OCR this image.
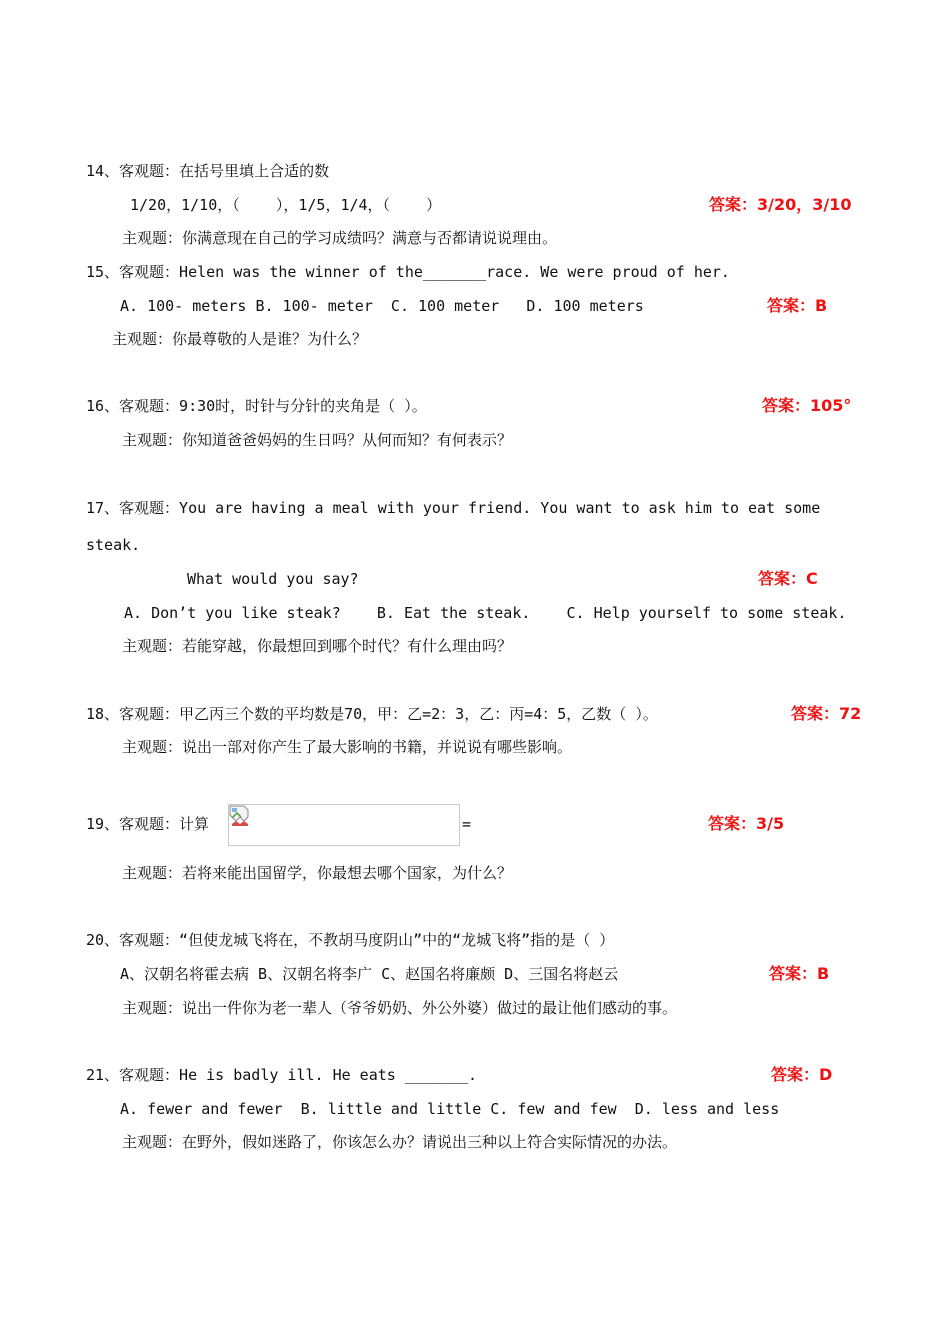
14、客观题：在括号里填上合适的数
1/20，1/10，（    ），1/5，1/4，（    ）	答案：3/20，3/10
主观题：你满意现在自己的学习成绩吗？满意与否都请说说理由。
15、客观题：Helen was the winner of the_______race. We were proud of her.
A. 100- meters B. 100- meter  C. 100 meter   D. 100 meters	答案：B
主观题：你最尊敬的人是谁？为什么？
16、客观题：9:30时，时针与分针的夹角是（ ）。	答案：105°
主观题：你知道爸爸妈妈的生日吗？从何而知？有何表示？
17、客观题：You are having a meal with your friend. You want to ask him to eat some
steak.
What would you say?	答案：C
A. Don’t you like steak?    B. Eat the steak.    C. Help yourself to some steak.
主观题：若能穿越，你最想回到哪个时代？有什么理由吗？
18、客观题：甲乙丙三个数的平均数是70，甲：乙=2：3，乙：丙=4：5，乙数（ ）。	答案：72
主观题：说出一部对你产生了最大影响的书籍，并说说有哪些影响。
19、客观题：计算	=	答案：3/5
主观题：若将来能出国留学，你最想去哪个国家，为什么？
20、客观题：“但使龙城飞将在，不教胡马度阴山”中的“龙城飞将”指的是（ ）
A、汉朝名将霍去病 B、汉朝名将李广 C、赵国名将廉颇 D、三国名将赵云	答案：B
主观题：说出一件你为老一辈人（爷爷奶奶、外公外婆）做过的最让他们感动的事。
21、客观题：He is badly ill. He eats _______.	答案：D
A. fewer and fewer  B. little and little C. few and few  D. less and less
主观题：在野外，假如迷路了，你该怎么办？请说出三种以上符合实际情况的办法。
